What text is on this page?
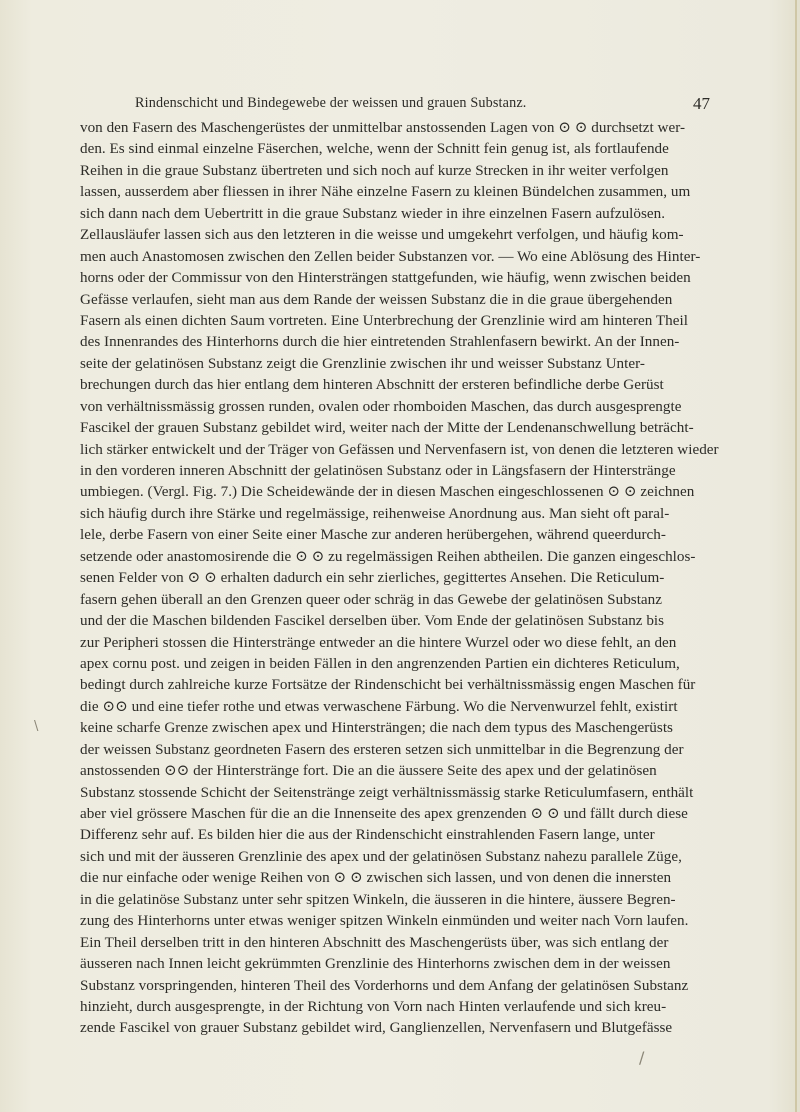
Rindenschicht und Bindegewebe der weissen und grauen Substanz.	47

von den Fasern des Maschengerüstes der unmittelbar anstossenden Lagen von ⊙ ⊙ durchsetzt wer-
den. Es sind einmal einzelne Fäserchen, welche, wenn der Schnitt fein genug ist, als fortlaufende
Reihen in die graue Substanz übertreten und sich noch auf kurze Strecken in ihr weiter verfolgen
lassen, ausserdem aber fliessen in ihrer Nähe einzelne Fasern zu kleinen Bündelchen zusammen, um
sich dann nach dem Uebertritt in die graue Substanz wieder in ihre einzelnen Fasern aufzulösen.
Zellausläufer lassen sich aus den letzteren in die weisse und umgekehrt verfolgen, und häufig kom-
men auch Anastomosen zwischen den Zellen beider Substanzen vor. — Wo eine Ablösung des Hinter-
horns oder der Commissur von den Hintersträngen stattgefunden, wie häufig, wenn zwischen beiden
Gefässe verlaufen, sieht man aus dem Rande der weissen Substanz die in die graue übergehenden
Fasern als einen dichten Saum vortreten. Eine Unterbrechung der Grenzlinie wird am hinteren Theil
des Innenrandes des Hinterhorns durch die hier eintretenden Strahlenfasern bewirkt. An der Innen-
seite der gelatinösen Substanz zeigt die Grenzlinie zwischen ihr und weisser Substanz Unter-
brechungen durch das hier entlang dem hinteren Abschnitt der ersteren befindliche derbe Gerüst
von verhältnissmässig grossen runden, ovalen oder rhomboiden Maschen, das durch ausgesprengte
Fascikel der grauen Substanz gebildet wird, weiter nach der Mitte der Lendenanschwellung beträcht-
lich stärker entwickelt und der Träger von Gefässen und Nervenfasern ist, von denen die letzteren wieder
in den vorderen inneren Abschnitt der gelatinösen Substanz oder in Längsfasern der Hinterstränge
umbiegen. (Vergl. Fig. 7.) Die Scheidewände der in diesen Maschen eingeschlossenen ⊙ ⊙ zeichnen
sich häufig durch ihre Stärke und regelmässige, reihenweise Anordnung aus. Man sieht oft paral-
lele, derbe Fasern von einer Seite einer Masche zur anderen herübergehen, während queerdurch-
setzende oder anastomosirende die ⊙ ⊙ zu regelmässigen Reihen abtheilen. Die ganzen eingeschlos-
senen Felder von ⊙ ⊙ erhalten dadurch ein sehr zierliches, gegittertes Ansehen. Die Reticulum-
fasern gehen überall an den Grenzen queer oder schräg in das Gewebe der gelatinösen Substanz
und der die Maschen bildenden Fascikel derselben über. Vom Ende der gelatinösen Substanz bis
zur Peripheri stossen die Hinterstränge entweder an die hintere Wurzel oder wo diese fehlt, an den
apex cornu post. und zeigen in beiden Fällen in den angrenzenden Partien ein dichteres Reticulum,
bedingt durch zahlreiche kurze Fortsätze der Rindenschicht bei verhältnissmässig engen Maschen für
die ⊙⊙ und eine tiefer rothe und etwas verwaschene Färbung. Wo die Nervenwurzel fehlt, existirt
keine scharfe Grenze zwischen apex und Hintersträngen; die nach dem typus des Maschengerüsts
der weissen Substanz geordneten Fasern des ersteren setzen sich unmittelbar in die Begrenzung der
anstossenden ⊙⊙ der Hinterstränge fort. Die an die äussere Seite des apex und der gelatinösen
Substanz stossende Schicht der Seitenstränge zeigt verhältnissmässig starke Reticulumfasern, enthält
aber viel grössere Maschen für die an die Innenseite des apex grenzenden ⊙ ⊙ und fällt durch diese
Differenz sehr auf. Es bilden hier die aus der Rindenschicht einstrahlenden Fasern lange, unter
sich und mit der äusseren Grenzlinie des apex und der gelatinösen Substanz nahezu parallele Züge,
die nur einfache oder wenige Reihen von ⊙ ⊙ zwischen sich lassen, und von denen die innersten
in die gelatinöse Substanz unter sehr spitzen Winkeln, die äusseren in die hintere, äussere Begren-
zung des Hinterhorns unter etwas weniger spitzen Winkeln einmünden und weiter nach Vorn laufen.
Ein Theil derselben tritt in den hinteren Abschnitt des Maschengerüsts über, was sich entlang der
äusseren nach Innen leicht gekrümmten Grenzlinie des Hinterhorns zwischen dem in der weissen
Substanz vorspringenden, hinteren Theil des Vorderhorns und dem Anfang der gelatinösen Substanz
hinzieht, durch ausgesprengte, in der Richtung von Vorn nach Hinten verlaufende und sich kreu-
zende Fascikel von grauer Substanz gebildet wird, Ganglienzellen, Nervenfasern und Blutgefässe

\
/
